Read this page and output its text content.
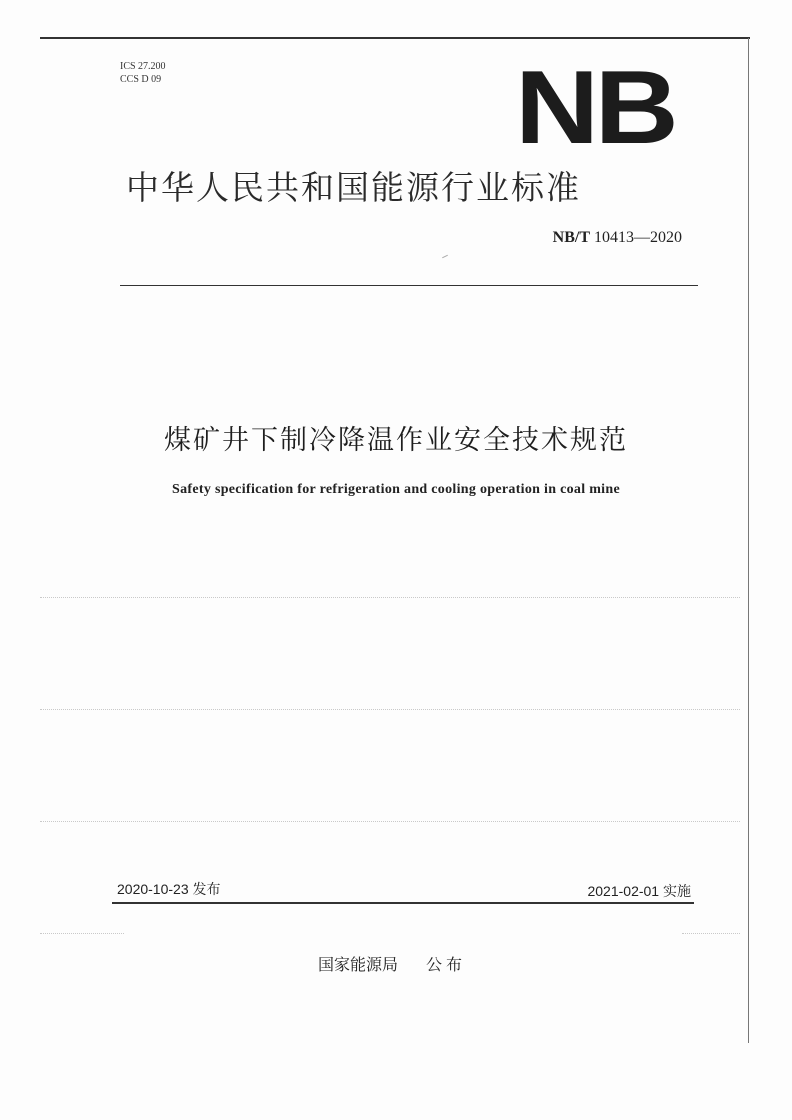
ICS 27.200
CCS D 09	NB
中华人民共和国能源行业标准
NB/T 10413—2020
煤矿井下制冷降温作业安全技术规范
Safety specification for refrigeration and cooling operation in coal mine
2020-10-23 发布	2021-02-01 实施
国家能源局 公布
